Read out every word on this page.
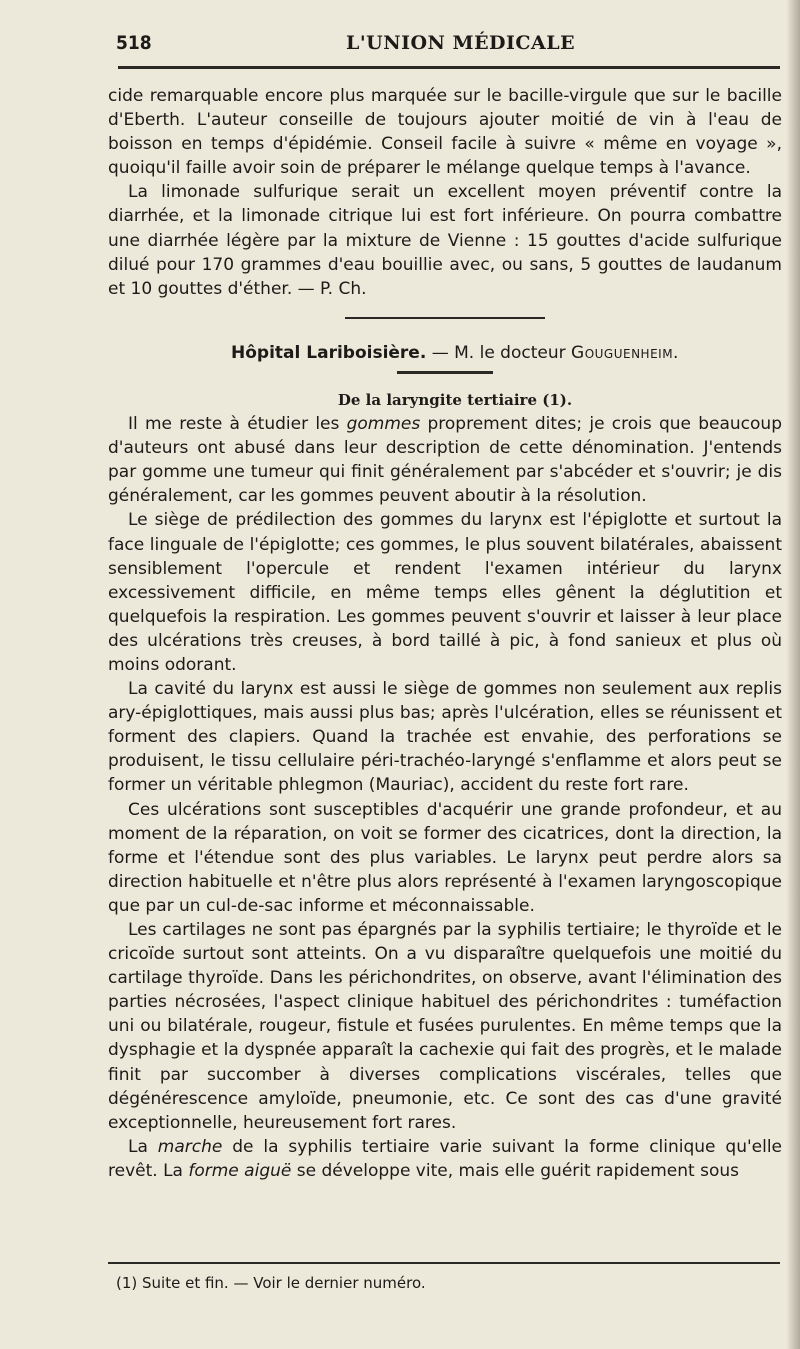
518	L'UNION MÉDICALE

cide remarquable encore plus marquée sur le bacille-virgule que sur le bacille d'Eberth. L'auteur conseille de toujours ajouter moitié de vin à l'eau de boisson en temps d'épidémie. Conseil facile à suivre « même en voyage », quoiqu'il faille avoir soin de préparer le mélange quelque temps à l'avance.

La limonade sulfurique serait un excellent moyen préventif contre la diarrhée, et la limonade citrique lui est fort inférieure. On pourra combattre une diarrhée légère par la mixture de Vienne : 15 gouttes d'acide sulfurique dilué pour 170 grammes d'eau bouillie avec, ou sans, 5 gouttes de laudanum et 10 gouttes d'éther. — P. Ch.

Hôpital Lariboisière. — M. le docteur Gouguenheim.

De la laryngite tertiaire (1).

Il me reste à étudier les gommes proprement dites; je crois que beaucoup d'auteurs ont abusé dans leur description de cette dénomination. J'entends par gomme une tumeur qui finit généralement par s'abcéder et s'ouvrir; je dis généralement, car les gommes peuvent aboutir à la résolution.

Le siège de prédilection des gommes du larynx est l'épiglotte et surtout la face linguale de l'épiglotte; ces gommes, le plus souvent bilatérales, abaissent sensiblement l'opercule et rendent l'examen intérieur du larynx excessivement difficile, en même temps elles gênent la déglutition et quelquefois la respiration. Les gommes peuvent s'ouvrir et laisser à leur place des ulcérations très creuses, à bord taillé à pic, à fond sanieux et plus où moins odorant.

La cavité du larynx est aussi le siège de gommes non seulement aux replis ary-épiglottiques, mais aussi plus bas; après l'ulcération, elles se réunissent et forment des clapiers. Quand la trachée est envahie, des perforations se produisent, le tissu cellulaire péri-trachéo-laryngé s'enflamme et alors peut se former un véritable phlegmon (Mauriac), accident du reste fort rare.

Ces ulcérations sont susceptibles d'acquérir une grande profondeur, et au moment de la réparation, on voit se former des cicatrices, dont la direction, la forme et l'étendue sont des plus variables. Le larynx peut perdre alors sa direction habituelle et n'être plus alors représenté à l'examen laryngoscopique que par un cul-de-sac informe et méconnaissable.

Les cartilages ne sont pas épargnés par la syphilis tertiaire; le thyroïde et le cricoïde surtout sont atteints. On a vu disparaître quelquefois une moitié du cartilage thyroïde. Dans les périchondrites, on observe, avant l'élimination des parties nécrosées, l'aspect clinique habituel des périchondrites : tuméfaction uni ou bilatérale, rougeur, fistule et fusées purulentes. En même temps que la dysphagie et la dyspnée apparaît la cachexie qui fait des progrès, et le malade finit par succomber à diverses complications viscérales, telles que dégénérescence amyloïde, pneumonie, etc. Ce sont des cas d'une gravité exceptionnelle, heureusement fort rares.

La marche de la syphilis tertiaire varie suivant la forme clinique qu'elle revêt. La forme aiguë se développe vite, mais elle guérit rapidement sous

(1) Suite et fin. — Voir le dernier numéro.
